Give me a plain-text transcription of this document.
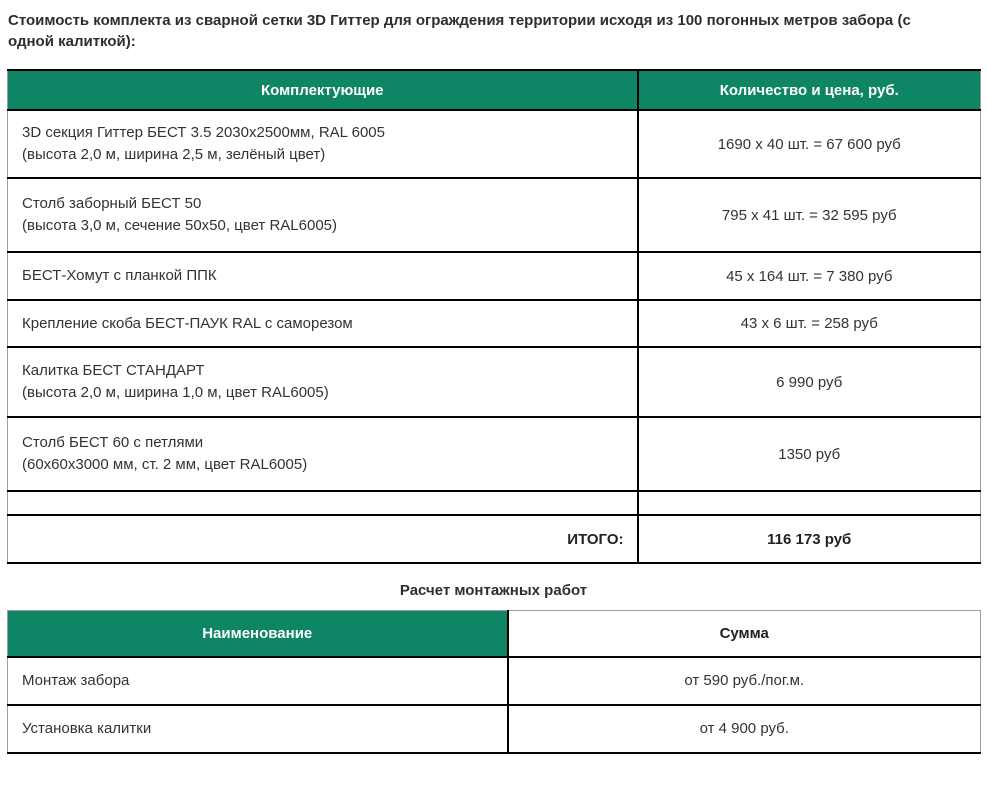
Стоимость комплекта из сварной сетки 3D Гиттер для ограждения территории исходя из 100 погонных метров забора (с одной калиткой):

Комплектующие	Количество и цена, руб.

3D секция Гиттер БЕСТ 3.5 2030х2500мм, RAL 6005
(высота 2,0 м, ширина 2,5 м, зелёный цвет)	1690 х 40 шт. = 67 600 руб

Столб заборный БЕСТ 50
(высота 3,0 м, сечение 50х50, цвет RAL6005)	795 х 41 шт. = 32 595 руб

БЕСТ-Хомут с планкой ППК	45 х 164 шт. = 7 380 руб

Крепление скоба БЕСТ-ПАУК RAL с саморезом	43 х 6 шт. = 258 руб

Калитка БЕСТ СТАНДАРТ
(высота 2,0 м, ширина 1,0 м, цвет RAL6005)	6 990 руб

Столб БЕСТ 60 с петлями
(60х60х3000 мм, ст. 2 мм, цвет RAL6005)	1350 руб

ИТОГО:	116 173 руб

Расчет монтажных работ

Наименование	Сумма
Монтаж забора	от 590 руб./пог.м.
Установка калитки	от 4 900 руб.
